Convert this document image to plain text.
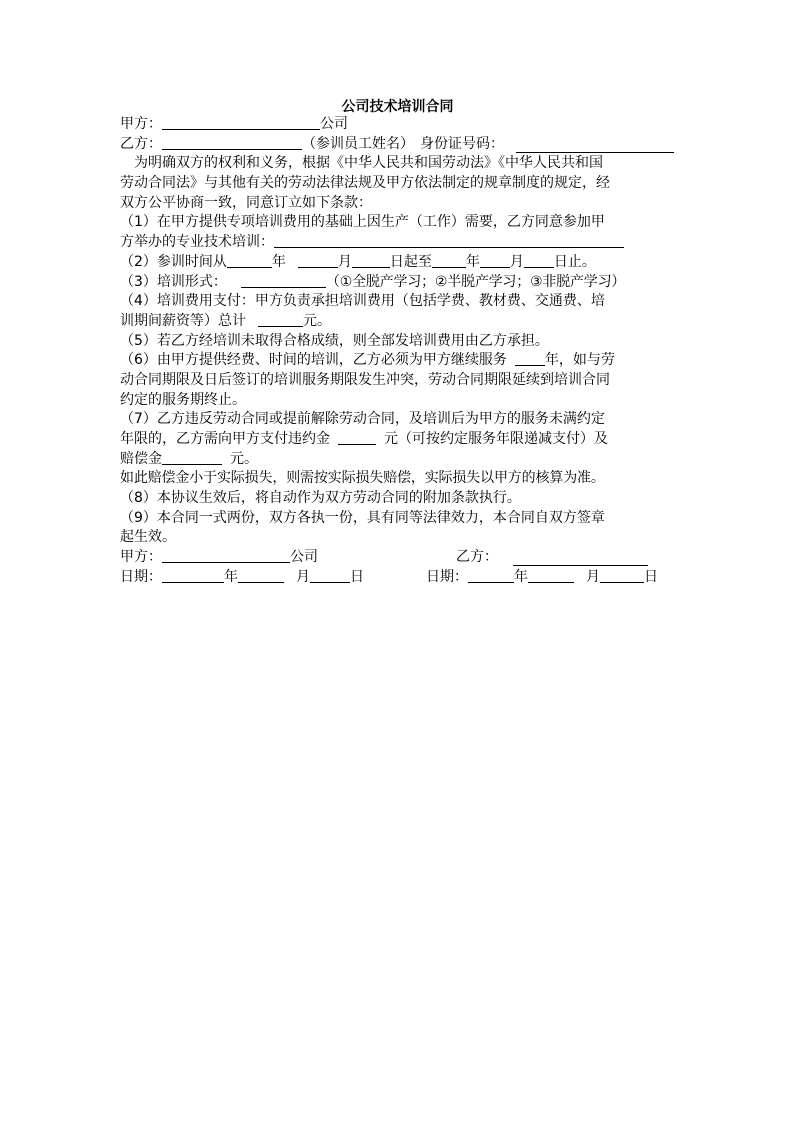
公司技术培训合同
甲方：	公司
乙方：	（参训员工姓名） 身份证号码：
为明确双方的权利和义务，根据《中华人民共和国劳动法》《中华人民共和国
劳动合同法》与其他有关的劳动法律法规及甲方依法制定的规章制度的规定，经
双方公平协商一致，同意订立如下条款：
（1）在甲方提供专项培训费用的基础上因生产（工作）需要，乙方同意参加甲
方举办的专业技术培训：
（2）参训时间从	年	月	日起至 年 月 日止。
（3）培训形式：	（①全脱产学习；②半脱产学习；③非脱产学习）
（4）培训费用支付：甲方负责承担培训费用（包括学费、教材费、交通费、培
训期间薪资等）总计	元。
（5）若乙方经培训未取得合格成绩，则全部发培训费用由乙方承担。
（6）由甲方提供经费、时间的培训，乙方必须为甲方继续服务	年，如与劳
动合同期限及日后签订的培训服务期限发生冲突，劳动合同期限延续到培训合同
约定的服务期终止。
（7）乙方违反劳动合同或提前解除劳动合同，及培训后为甲方的服务未满约定
年限的，乙方需向甲方支付违约金	元（可按约定服务年限递减支付）及
赔偿金	元。
如此赔偿金小于实际损失，则需按实际损失赔偿，实际损失以甲方的核算为准。
（8）本协议生效后，将自动作为双方劳动合同的附加条款执行。
（9）本合同一式两份，双方各执一份，具有同等法律效力，本合同自双方签章
起生效。
甲方：	公司	乙方：
日期：	年	月	日	日期：	年	月	日
